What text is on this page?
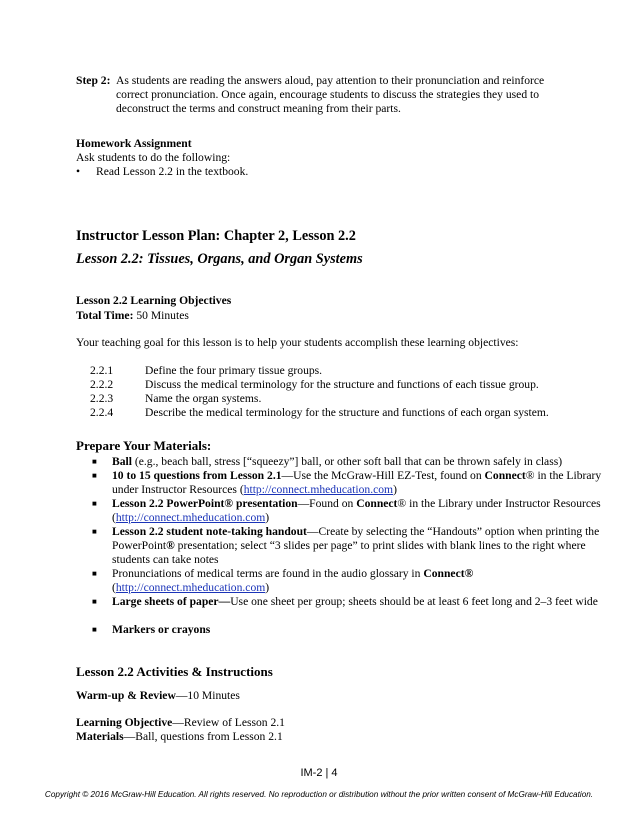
Step 2: As students are reading the answers aloud, pay attention to their pronunciation and reinforce correct pronunciation. Once again, encourage students to discuss the strategies they used to deconstruct the terms and construct meaning from their parts.
Homework Assignment
Ask students to do the following:
• Read Lesson 2.2 in the textbook.
Instructor Lesson Plan: Chapter 2, Lesson 2.2
Lesson 2.2: Tissues, Organs, and Organ Systems
Lesson 2.2 Learning Objectives
Total Time: 50 Minutes
Your teaching goal for this lesson is to help your students accomplish these learning objectives:
2.2.1	Define the four primary tissue groups.
2.2.2	Discuss the medical terminology for the structure and functions of each tissue group.
2.2.3	Name the organ systems.
2.2.4	Describe the medical terminology for the structure and functions of each organ system.
Prepare Your Materials:
■ Ball (e.g., beach ball, stress [“squeezy”] ball, or other soft ball that can be thrown safely in class)
■ 10 to 15 questions from Lesson 2.1—Use the McGraw-Hill EZ-Test, found on Connect® in the Library under Instructor Resources (http://connect.mheducation.com)
■ Lesson 2.2 PowerPoint® presentation—Found on Connect® in the Library under Instructor Resources (http://connect.mheducation.com)
■ Lesson 2.2 student note-taking handout—Create by selecting the “Handouts” option when printing the PowerPoint® presentation; select “3 slides per page” to print slides with blank lines to the right where students can take notes
■ Pronunciations of medical terms are found in the audio glossary in Connect®
(http://connect.mheducation.com)
■ Large sheets of paper—Use one sheet per group; sheets should be at least 6 feet long and 2–3 feet wide
■ Markers or crayons
Lesson 2.2 Activities & Instructions
Warm-up & Review—10 Minutes
Learning Objective—Review of Lesson 2.1
Materials—Ball, questions from Lesson 2.1
IM-2 | 4
Copyright © 2016 McGraw-Hill Education. All rights reserved. No reproduction or distribution without the prior written consent of McGraw-Hill Education.
